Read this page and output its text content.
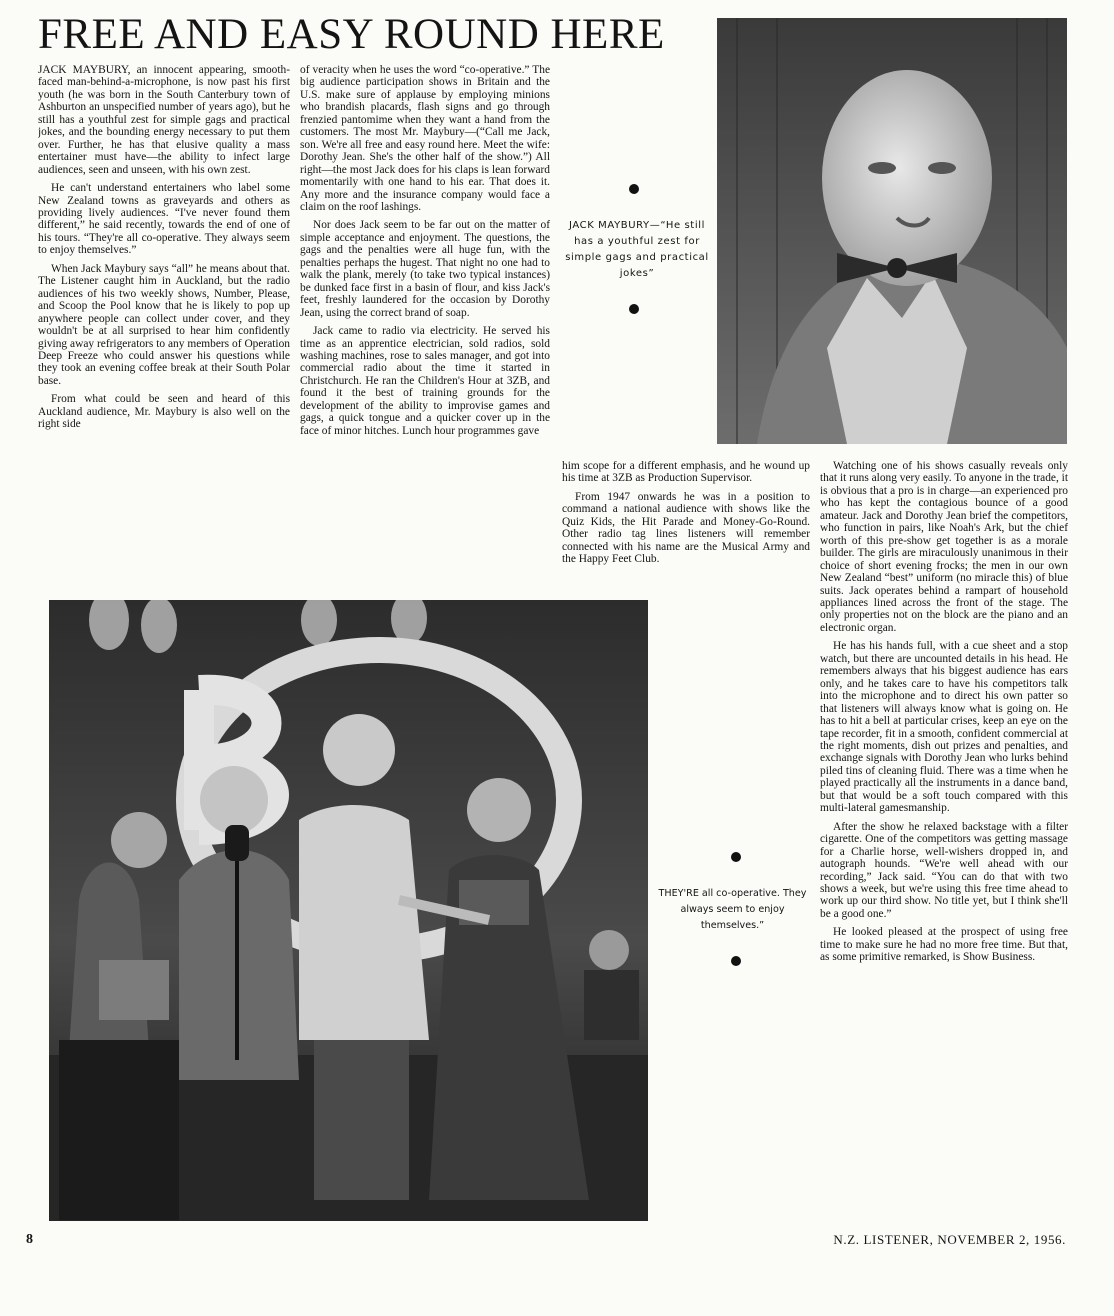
FREE AND EASY ROUND HERE

JACK MAYBURY, an innocent appearing, smooth-faced man-behind-a-microphone, is now past his first youth (he was born in the South Canterbury town of Ashburton an unspecified number of years ago), but he still has a youthful zest for simple gags and practical jokes, and the bounding energy necessary to put them over. Further, he has that elusive quality a mass entertainer must have—the ability to infect large audiences, seen and unseen, with his own zest.

He can't understand entertainers who label some New Zealand towns as graveyards and others as providing lively audiences. “I've never found them different,” he said recently, towards the end of one of his tours. “They're all co-operative. They always seem to enjoy themselves.”

When Jack Maybury says “all” he means about that. The Listener caught him in Auckland, but the radio audiences of his two weekly shows, Number, Please, and Scoop the Pool know that he is likely to pop up anywhere people can collect under cover, and they wouldn't be at all surprised to hear him confidently giving away refrigerators to any members of Operation Deep Freeze who could answer his questions while they took an evening coffee break at their South Polar base.

From what could be seen and heard of this Auckland audience, Mr. Maybury is also well on the right side

of veracity when he uses the word “co-operative.” The big audience participation shows in Britain and the U.S. make sure of applause by employing minions who brandish placards, flash signs and go through frenzied pantomime when they want a hand from the customers. The most Mr. Maybury—(“Call me Jack, son. We're all free and easy round here. Meet the wife: Dorothy Jean. She's the other half of the show.”) All right—the most Jack does for his claps is lean forward momentarily with one hand to his ear. That does it. Any more and the insurance company would face a claim on the roof lashings.

Nor does Jack seem to be far out on the matter of simple acceptance and enjoyment. The questions, the gags and the penalties were all huge fun, with the penalties perhaps the hugest. That night no one had to walk the plank, merely (to take two typical instances) be dunked face first in a basin of flour, and kiss Jack's feet, freshly laundered for the occasion by Dorothy Jean, using the correct brand of soap.

Jack came to radio via electricity. He served his time as an apprentice electrician, sold radios, sold washing machines, rose to sales manager, and got into commercial radio about the time it started in Christchurch. He ran the Children's Hour at 3ZB, and found it the best of training grounds for the development of the ability to improvise games and gags, a quick tongue and a quicker cover up in the face of minor hitches. Lunch hour programmes gave

him scope for a different emphasis, and he wound up his time at 3ZB as Production Supervisor.

From 1947 onwards he was in a position to command a national audience with shows like the Quiz Kids, the Hit Parade and Money-Go-Round. Other radio tag lines listeners will remember connected with his name are the Musical Army and the Happy Feet Club.

Watching one of his shows casually reveals only that it runs along very easily. To anyone in the trade, it is obvious that a pro is in charge—an experienced pro who has kept the contagious bounce of a good amateur. Jack and Dorothy Jean brief the competitors, who function in pairs, like Noah's Ark, but the chief worth of this pre-show get together is as a morale builder. The girls are miraculously unanimous in their choice of short evening frocks; the men in our own New Zealand “best” uniform (no miracle this) of blue suits. Jack operates behind a rampart of household appliances lined across the front of the stage. The only properties not on the block are the piano and an electronic organ.

He has his hands full, with a cue sheet and a stop watch, but there are uncounted details in his head. He remembers always that his biggest audience has ears only, and he takes care to have his competitors talk into the microphone and to direct his own patter so that listeners will always know what is going on. He has to hit a bell at particular crises, keep an eye on the tape recorder, fit in a smooth, confident commercial at the right moments, dish out prizes and penalties, and exchange signals with Dorothy Jean who lurks behind piled tins of cleaning fluid. There was a time when he played practically all the instruments in a dance band, but that would be a soft touch compared with this multi-lateral gamesmanship.

After the show he relaxed backstage with a filter cigarette. One of the competitors was getting massage for a Charlie horse, well-wishers dropped in, and autograph hounds. “We're well ahead with our recording,” Jack said. “You can do that with two shows a week, but we're using this free time ahead to work up our third show. No title yet, but I think she'll be a good one.”

He looked pleased at the prospect of using free time to make sure he had no more free time. But that, as some primitive remarked, is Show Business.

JACK MAYBURY—“He still has a youthful zest for simple gags and practical jokes”
THEY'RE all co-operative. They always seem to enjoy themselves.”
8	N.Z. LISTENER, NOVEMBER 2, 1956.
